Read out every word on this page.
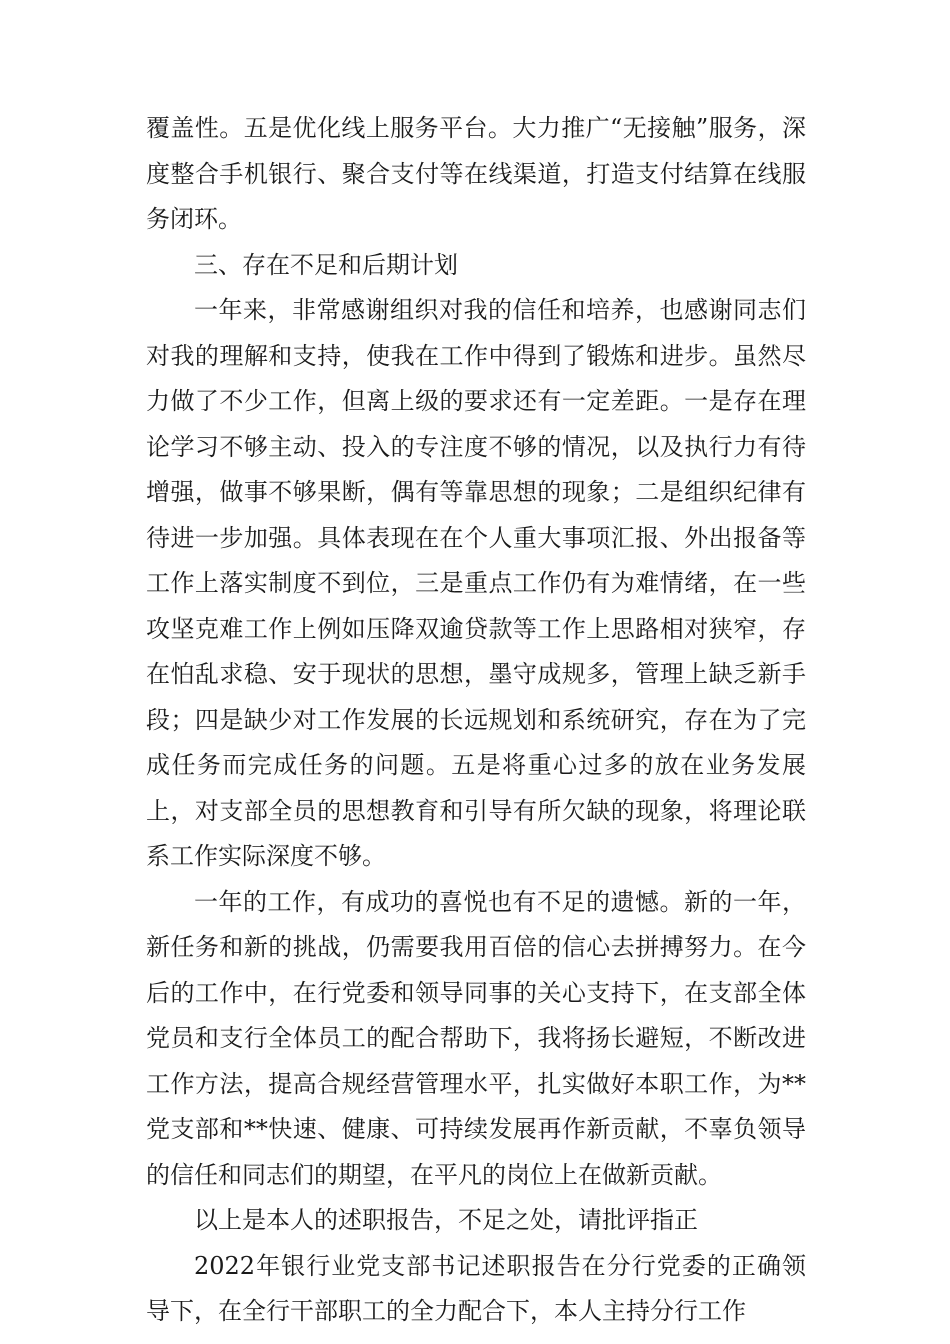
覆盖性。五是优化线上服务平台。大力推广“无接触”服务，深度整合手机银行、聚合支付等在线渠道，打造支付结算在线服务闭环。

三、存在不足和后期计划

一年来，非常感谢组织对我的信任和培养，也感谢同志们对我的理解和支持，使我在工作中得到了锻炼和进步。虽然尽力做了不少工作，但离上级的要求还有一定差距。一是存在理论学习不够主动、投入的专注度不够的情况，以及执行力有待增强，做事不够果断，偶有等靠思想的现象；二是组织纪律有待进一步加强。具体表现在在个人重大事项汇报、外出报备等工作上落实制度不到位，三是重点工作仍有为难情绪，在一些攻坚克难工作上例如压降双逾贷款等工作上思路相对狭窄，存在怕乱求稳、安于现状的思想，墨守成规多，管理上缺乏新手段；四是缺少对工作发展的长远规划和系统研究，存在为了完成任务而完成任务的问题。五是将重心过多的放在业务发展上，对支部全员的思想教育和引导有所欠缺的现象，将理论联系工作实际深度不够。

一年的工作，有成功的喜悦也有不足的遗憾。新的一年，新任务和新的挑战，仍需要我用百倍的信心去拼搏努力。在今后的工作中，在行党委和领导同事的关心支持下，在支部全体党员和支行全体员工的配合帮助下，我将扬长避短，不断改进工作方法，提高合规经营管理水平，扎实做好本职工作，为**党支部和**快速、健康、可持续发展再作新贡献，不辜负领导的信任和同志们的期望，在平凡的岗位上在做新贡献。

以上是本人的述职报告，不足之处，请批评指正

2022年银行业党支部书记述职报告在分行党委的正确领导下，在全行干部职工的全力配合下，本人主持分行工作
